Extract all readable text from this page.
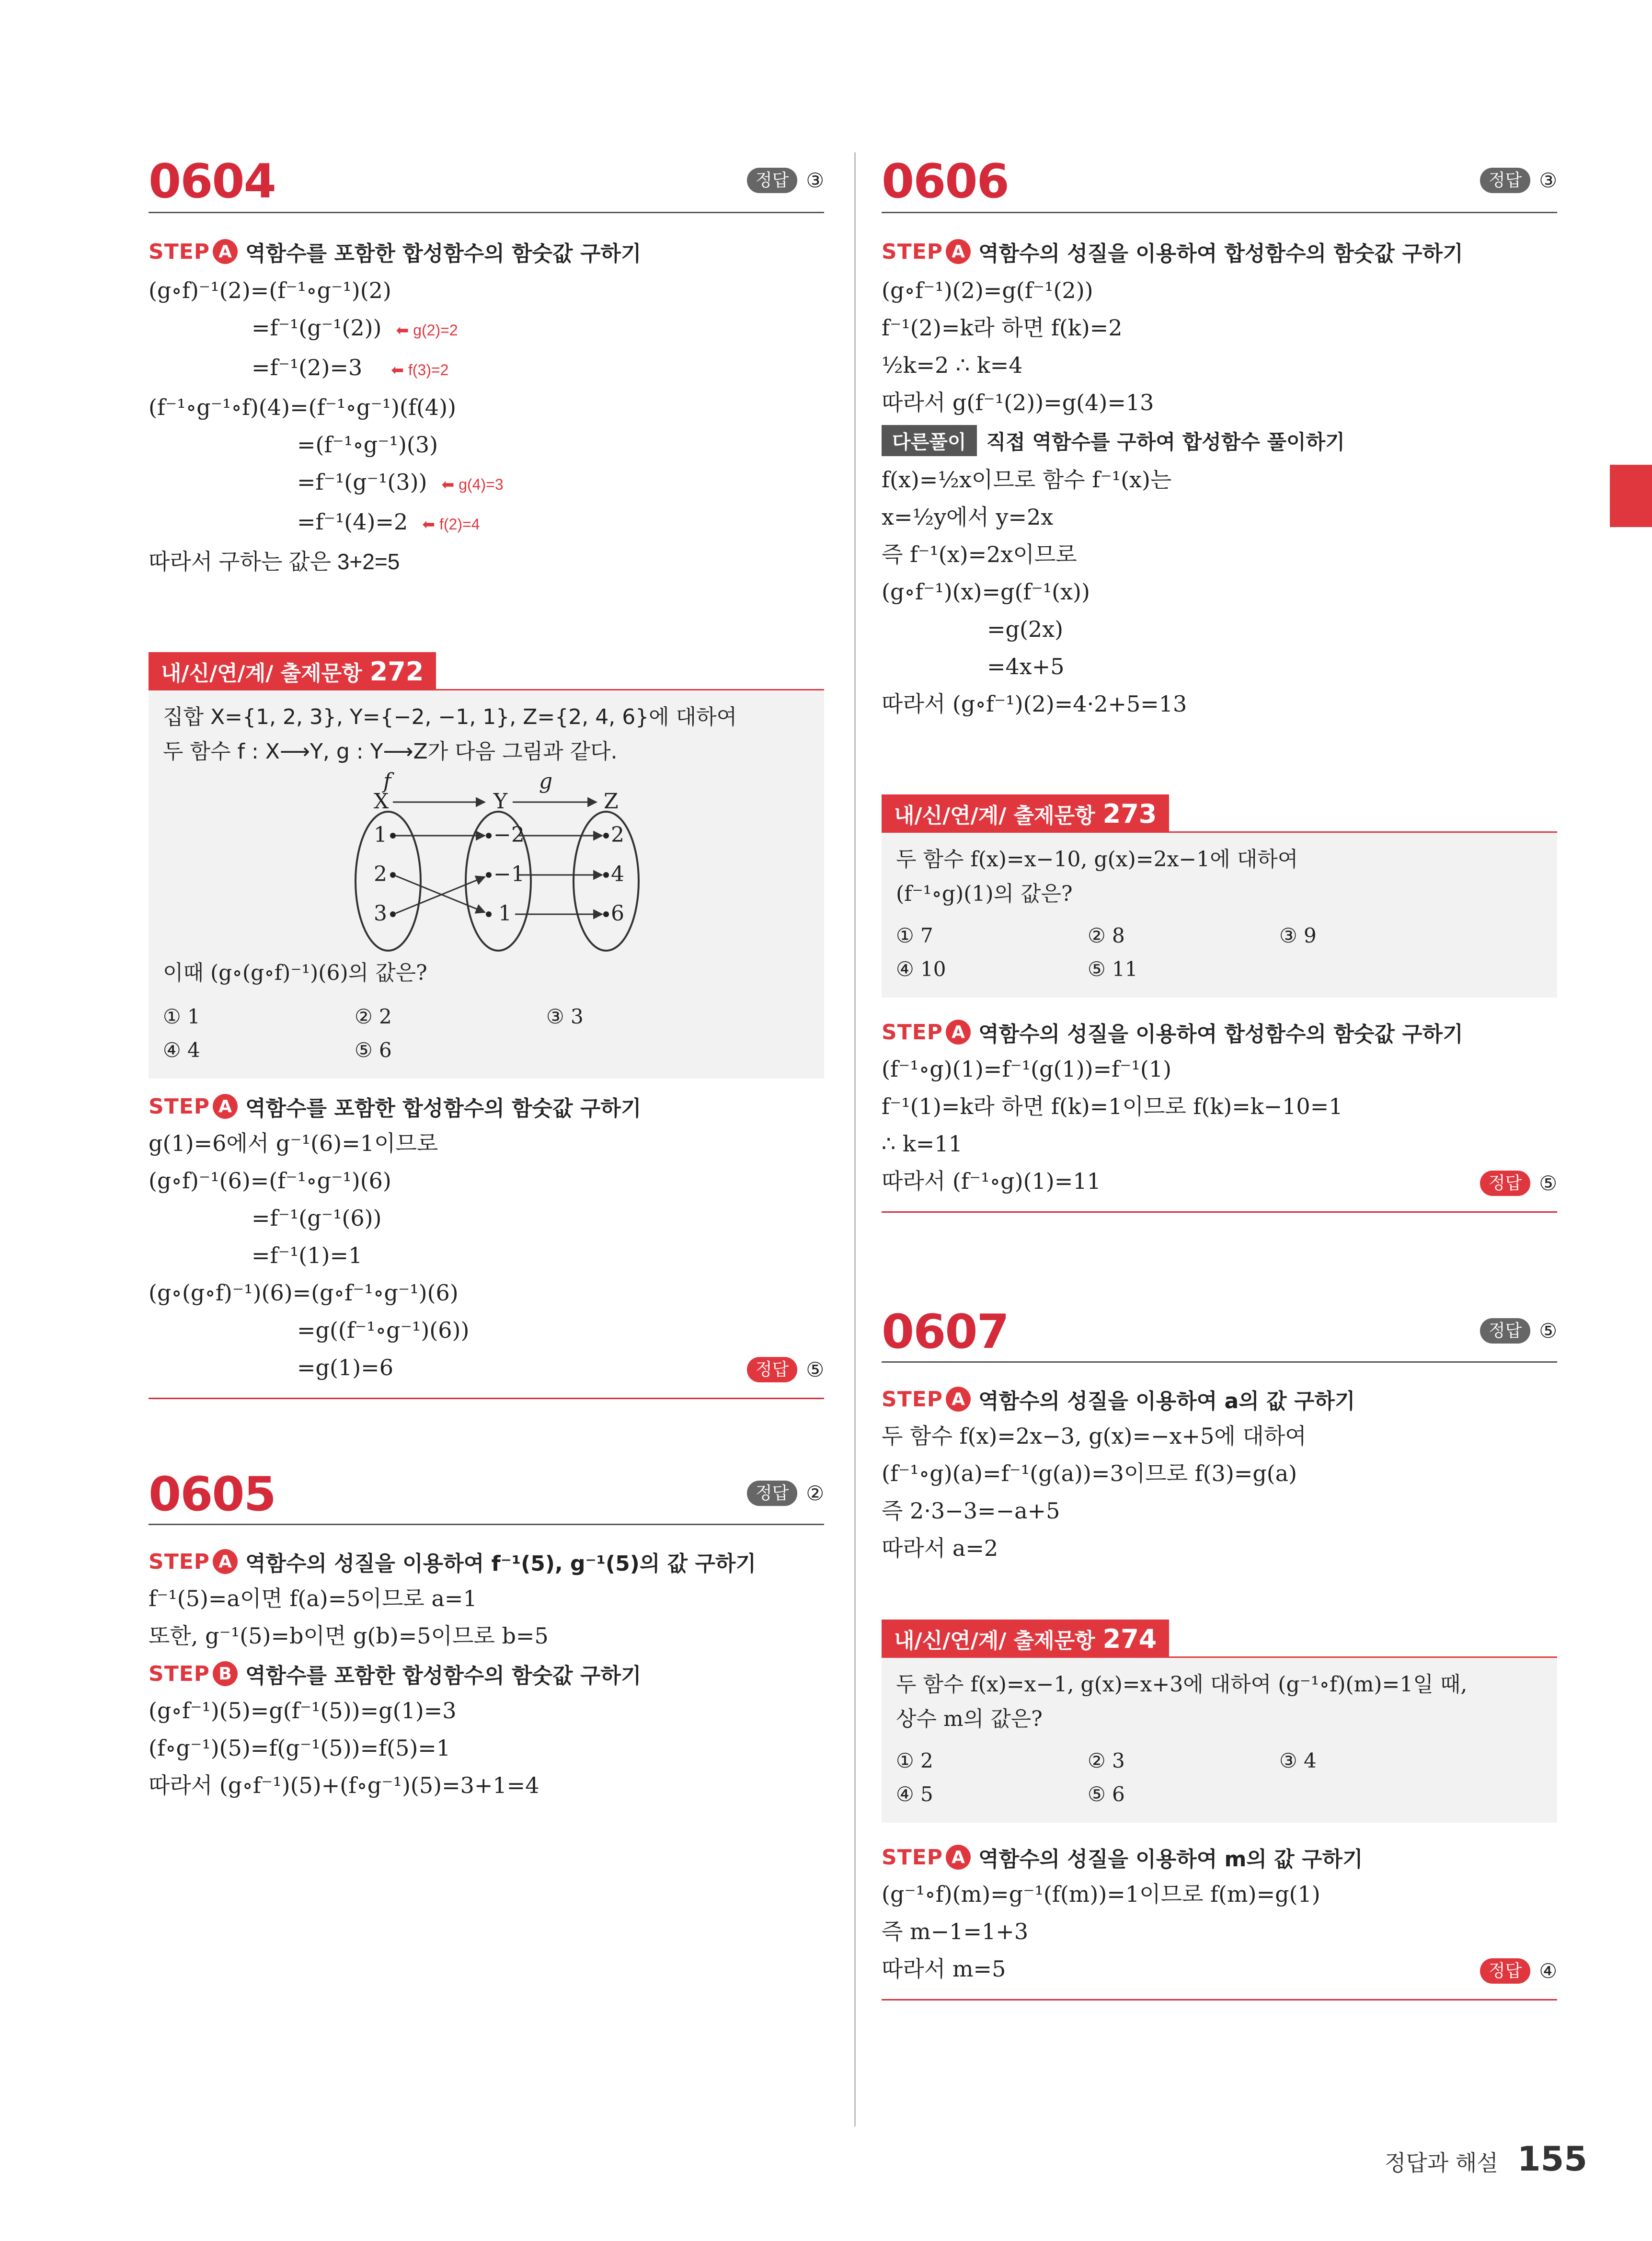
0604	정답 ③
STEP A 역함수를 포함한 합성함수의 함숫값 구하기
(g∘f)⁻¹(2)=(f⁻¹∘g⁻¹)(2)
=f⁻¹(g⁻¹(2)) ⬅ g(2)=2
=f⁻¹(2)=3 ⬅ f(3)=2
(f⁻¹∘g⁻¹∘f)(4)=(f⁻¹∘g⁻¹)(f(4))
=(f⁻¹∘g⁻¹)(3)
=f⁻¹(g⁻¹(3)) ⬅ g(4)=3
=f⁻¹(4)=2 ⬅ f(2)=4
따라서 구하는 값은 3+2=5
내/신/연/계/ 출제문항 272
집합 X={1, 2, 3}, Y={−2, −1, 1}, Z={2, 4, 6}에 대하여
두 함수 f : X⟶Y, g : Y⟶Z가 다음 그림과 같다.
f	g
X	Y	Z
1
2
3
−2
−1
1
2
4
6
이때 (g∘(g∘f)⁻¹)(6)의 값은?
① 1	② 2	③ 3
④ 4	⑤ 6
STEP A 역함수를 포함한 합성함수의 함숫값 구하기
g(1)=6에서 g⁻¹(6)=1이므로
(g∘f)⁻¹(6)=(f⁻¹∘g⁻¹)(6)
=f⁻¹(g⁻¹(6))
=f⁻¹(1)=1
(g∘(g∘f)⁻¹)(6)=(g∘f⁻¹∘g⁻¹)(6)
=g((f⁻¹∘g⁻¹)(6))
=g(1)=6	정답 ⑤
0605	정답 ②
STEP A 역함수의 성질을 이용하여 f⁻¹(5), g⁻¹(5)의 값 구하기
f⁻¹(5)=a이면 f(a)=5이므로 a=1
또한, g⁻¹(5)=b이면 g(b)=5이므로 b=5
STEP B 역함수를 포함한 합성함수의 함숫값 구하기
(g∘f⁻¹)(5)=g(f⁻¹(5))=g(1)=3
(f∘g⁻¹)(5)=f(g⁻¹(5))=f(5)=1
따라서 (g∘f⁻¹)(5)+(f∘g⁻¹)(5)=3+1=4
0606	정답 ③
STEP A 역함수의 성질을 이용하여 합성함수의 함숫값 구하기
(g∘f⁻¹)(2)=g(f⁻¹(2))
f⁻¹(2)=k라 하면 f(k)=2
½k=2 ∴ k=4
따라서 g(f⁻¹(2))=g(4)=13
다른풀이	직접 역함수를 구하여 합성함수 풀이하기
f(x)=½x이므로 함수 f⁻¹(x)는
x=½y에서 y=2x
즉 f⁻¹(x)=2x이므로
(g∘f⁻¹)(x)=g(f⁻¹(x))
=g(2x)
=4x+5
따라서 (g∘f⁻¹)(2)=4·2+5=13
내/신/연/계/ 출제문항 273
두 함수 f(x)=x−10, g(x)=2x−1에 대하여
(f⁻¹∘g)(1)의 값은?
① 7	② 8	③ 9
④ 10	⑤ 11
STEP A 역함수의 성질을 이용하여 합성함수의 함숫값 구하기
(f⁻¹∘g)(1)=f⁻¹(g(1))=f⁻¹(1)
f⁻¹(1)=k라 하면 f(k)=1이므로 f(k)=k−10=1
∴ k=11
따라서 (f⁻¹∘g)(1)=11	정답 ⑤
0607	정답 ⑤
STEP A 역함수의 성질을 이용하여 a의 값 구하기
두 함수 f(x)=2x−3, g(x)=−x+5에 대하여
(f⁻¹∘g)(a)=f⁻¹(g(a))=3이므로 f(3)=g(a)
즉 2·3−3=−a+5
따라서 a=2
내/신/연/계/ 출제문항 274
두 함수 f(x)=x−1, g(x)=x+3에 대하여 (g⁻¹∘f)(m)=1일 때,
상수 m의 값은?
① 2	② 3	③ 4
④ 5	⑤ 6
STEP A 역함수의 성질을 이용하여 m의 값 구하기
(g⁻¹∘f)(m)=g⁻¹(f(m))=1이므로 f(m)=g(1)
즉 m−1=1+3
따라서 m=5	정답 ④
정답과 해설 155
